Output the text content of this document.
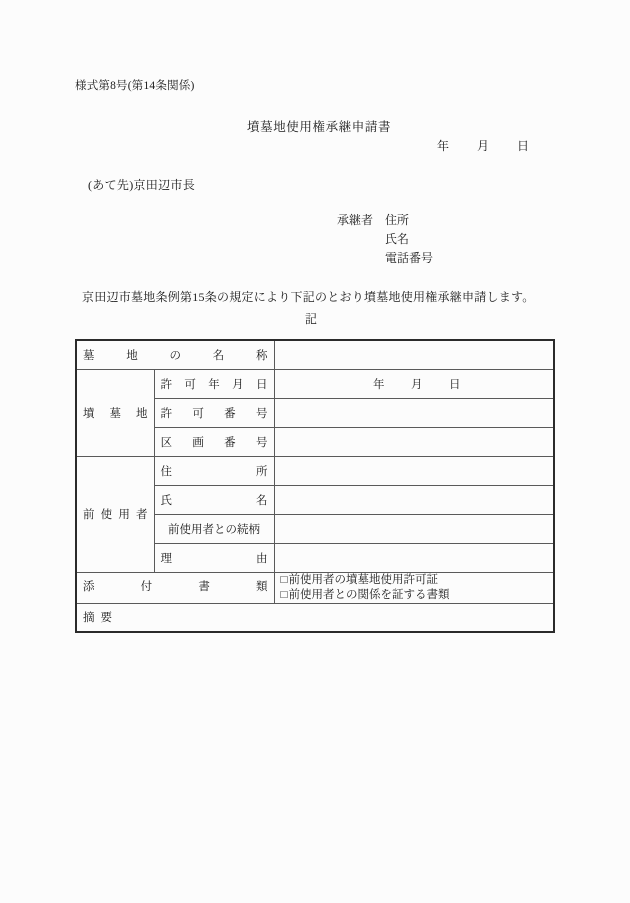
様式第8号(第14条関係)
墳墓地使用権承継申請書
年 月 日
(あて先)京田辺市長
承継者 住所
氏名
電話番号
京田辺市墓地条例第15条の規定により下記のとおり墳墓地使用権承継申請します。
記
墓 地 の 名 称		

墳 墓 地	許 可 年 月 日	年 月 日

	許 可 番 号	

	区 画 番 号	

前 使 用 者	住 所	

	氏 名	

	前使用者との続柄	

	理 由	

添 付 書 類		□前使用者の墳墓地使用許可証
□前使用者との関係を証する書類

摘要		
